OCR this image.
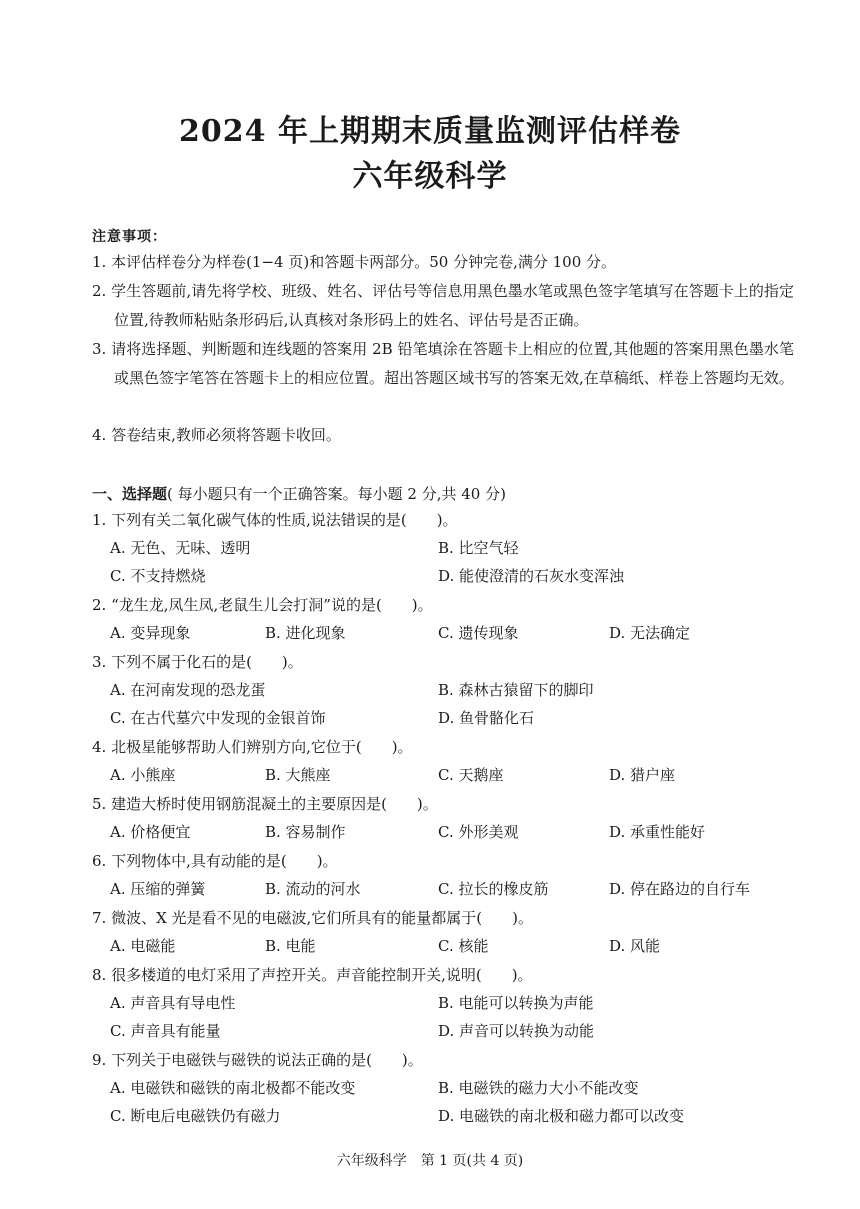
2024 年上期期末质量监测评估样卷
六年级科学
注意事项：
1. 本评估样卷分为样卷(1−4 页)和答题卡两部分。50 分钟完卷,满分 100 分。
2. 学生答题前,请先将学校、班级、姓名、评估号等信息用黑色墨水笔或黑色签字笔填写在答题卡上的指定位置,待教师粘贴条形码后,认真核对条形码上的姓名、评估号是否正确。
3. 请将选择题、判断题和连线题的答案用 2B 铅笔填涂在答题卡上相应的位置,其他题的答案用黑色墨水笔或黑色签字笔答在答题卡上的相应位置。超出答题区域书写的答案无效,在草稿纸、样卷上答题均无效。
4. 答卷结束,教师必须将答题卡收回。
一、选择题( 每小题只有一个正确答案。每小题 2 分,共 40 分)
1. 下列有关二氧化碳气体的性质,说法错误的是(　　)。
A. 无色、无味、透明	B. 比空气轻
C. 不支持燃烧	D. 能使澄清的石灰水变浑浊
2. “龙生龙,凤生凤,老鼠生儿会打洞”说的是(　　)。
A. 变异现象	B. 进化现象	C. 遗传现象	D. 无法确定
3. 下列不属于化石的是(　　)。
A. 在河南发现的恐龙蛋	B. 森林古猿留下的脚印
C. 在古代墓穴中发现的金银首饰	D. 鱼骨骼化石
4. 北极星能够帮助人们辨别方向,它位于(　　)。
A. 小熊座	B. 大熊座	C. 天鹅座	D. 猎户座
5. 建造大桥时使用钢筋混凝土的主要原因是(　　)。
A. 价格便宜	B. 容易制作	C. 外形美观	D. 承重性能好
6. 下列物体中,具有动能的是(　　)。
A. 压缩的弹簧	B. 流动的河水	C. 拉长的橡皮筋	D. 停在路边的自行车
7. 微波、X 光是看不见的电磁波,它们所具有的能量都属于(　　)。
A. 电磁能	B. 电能	C. 核能	D. 风能
8. 很多楼道的电灯采用了声控开关。声音能控制开关,说明(　　)。
A. 声音具有导电性	B. 电能可以转换为声能
C. 声音具有能量	D. 声音可以转换为动能
9. 下列关于电磁铁与磁铁的说法正确的是(　　)。
A. 电磁铁和磁铁的南北极都不能改变	B. 电磁铁的磁力大小不能改变
C. 断电后电磁铁仍有磁力	D. 电磁铁的南北极和磁力都可以改变
六年级科学　第 1 页(共 4 页)
